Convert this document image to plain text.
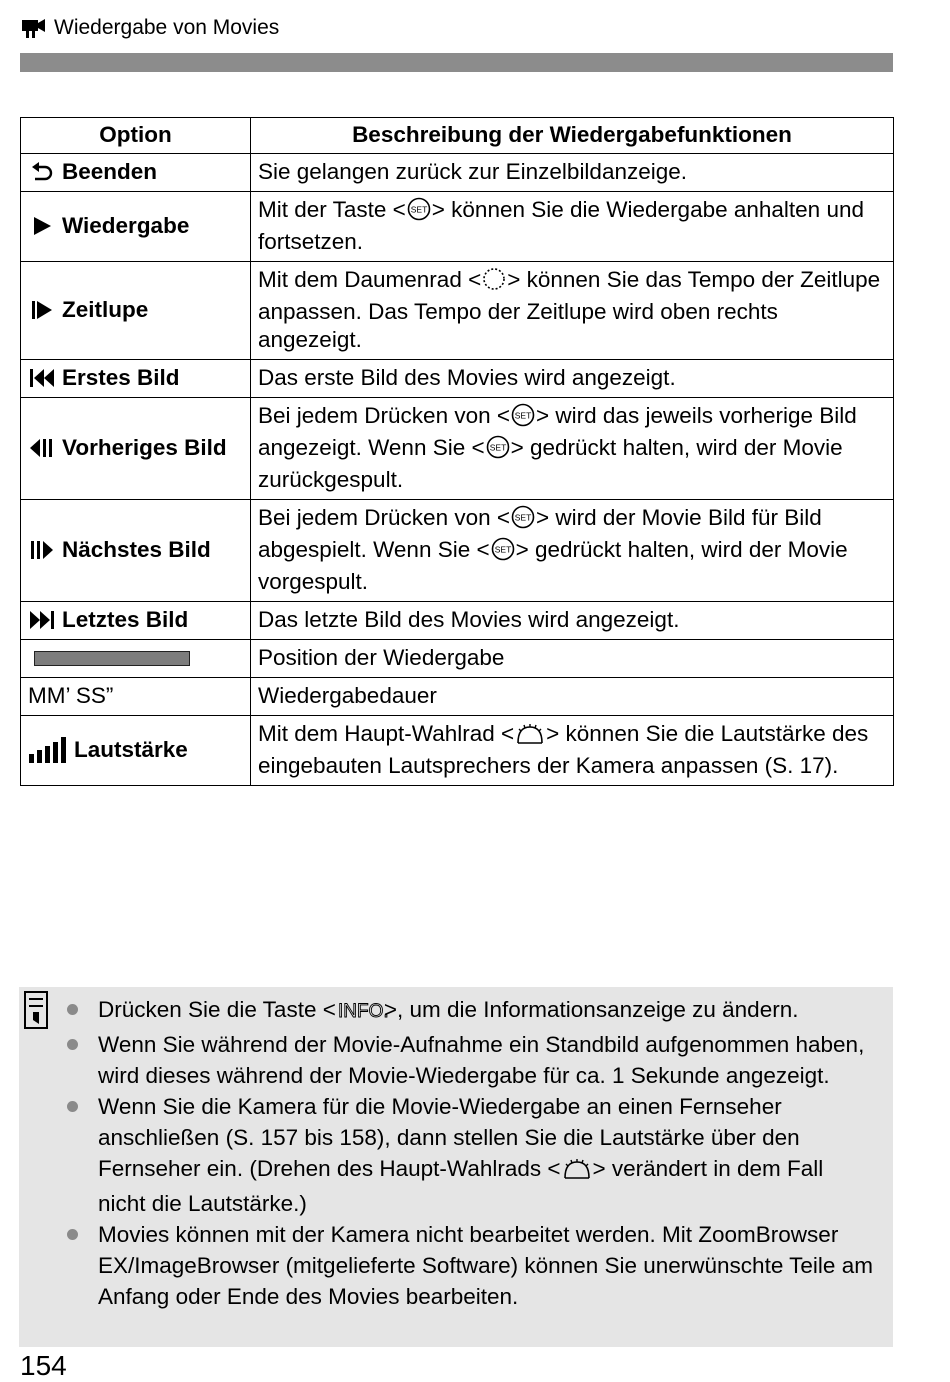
Wiedergabe von Movies
Option	Beschreibung der Wiedergabefunktionen

Beenden	Sie gelangen zurück zur Einzelbildanzeige.

Wiedergabe	Mit der Taste < SET > können Sie die Wiedergabe anhalten und fortsetzen.

Zeitlupe	Mit dem Daumenrad < > können Sie das Tempo der Zeitlupe anpassen. Das Tempo der Zeitlupe wird oben rechts angezeigt.

Erstes Bild	Das erste Bild des Movies wird angezeigt.

Vorheriges Bild	Bei jedem Drücken von < SET > wird das jeweils vorherige Bild angezeigt. Wenn Sie < SET > gedrückt halten, wird der Movie zurückgespult.

Nächstes Bild	Bei jedem Drücken von < SET > wird der Movie Bild für Bild abgespielt. Wenn Sie < SET > gedrückt halten, wird der Movie vorgespult.

Letztes Bild	Das letzte Bild des Movies wird angezeigt.

	Position der Wiedergabe

MM’ SS”	Wiedergabedauer

Lautstärke	Mit dem Haupt-Wahlrad < > können Sie die Lautstärke des eingebauten Lautsprechers der Kamera anpassen (S. 17).
Drücken Sie die Taste < INFO.
>, um die Informationsanzeige zu ändern.
Wenn Sie während der Movie-Aufnahme ein Standbild aufgenommen haben, wird dieses während der Movie-Wiedergabe für ca. 1 Sekunde angezeigt.
Wenn Sie die Kamera für die Movie-Wiedergabe an einen Fernseher anschließen (S. 157 bis 158), dann stellen Sie die Lautstärke über den Fernseher ein. (Drehen des Haupt-Wahlrads < > verändert in dem Fall nicht die Lautstärke.)
Movies können mit der Kamera nicht bearbeitet werden. Mit ZoomBrowser EX/ImageBrowser (mitgelieferte Software) können Sie unerwünschte Teile am Anfang oder Ende des Movies bearbeiten.
154
